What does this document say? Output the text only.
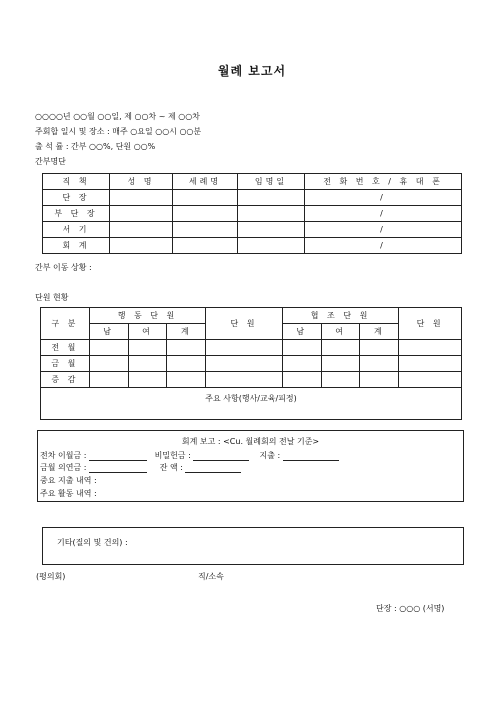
월례 보고서
○○○○년 ○○월 ○○일, 제 ○○차 ~ 제 ○○차
주회합 일시 및 장소 : 매주 ○요일 ○○시 ○○분
출 석 률 : 간부 ○○%, 단원 ○○%
간부명단
직 책	성 명	세례명	임명일	전 화 번 호 / 휴 대 폰
단 장				/
부 단 장				/
서 기				/
회 계				/
간부 이동 상황 :
단원 현황
구 분	행 동 단 원			단 원	협 조 단 원			단 원
	남	여	계		남	여	계	
전 월								
금 월								
증 감								
주요 사항(행사/교육/피정)								
회계 보고 : <Cu. 월례회의 전날 기준>
전차 이월금 :	비밀헌금 :	지출 :
금월 의연금 :	잔 액 :
중요 지출 내역 :
주요 활동 내역 :
기타(질의 및 건의) :
(평의회)	직/소속
단장 : ○○○ (서명)
